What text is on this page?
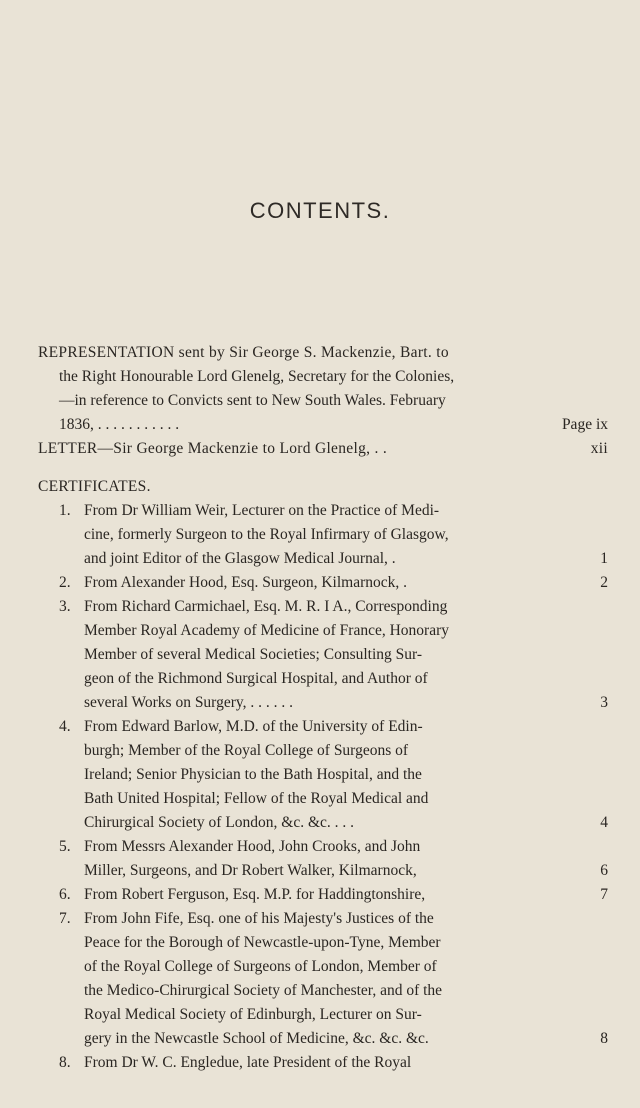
CONTENTS.
REPRESENTATION sent by Sir George S. Mackenzie, Bart. to
the Right Honourable Lord Glenelg, Secretary for the Colonies,
—in reference to Convicts sent to New South Wales. February
1836, . . . . . . . . . . .	Page ix
LETTER—Sir George Mackenzie to Lord Glenelg, . .	xii
CERTIFICATES.
1. From Dr William Weir, Lecturer on the Practice of Medi-
cine, formerly Surgeon to the Royal Infirmary of Glasgow,
and joint Editor of the Glasgow Medical Journal, .	1
2. From Alexander Hood, Esq. Surgeon, Kilmarnock, .	2
3. From Richard Carmichael, Esq. M. R. I A., Corresponding
Member Royal Academy of Medicine of France, Honorary
Member of several Medical Societies; Consulting Sur-
geon of the Richmond Surgical Hospital, and Author of
several Works on Surgery, . . . . . .	3
4. From Edward Barlow, M.D. of the University of Edin-
burgh; Member of the Royal College of Surgeons of
Ireland; Senior Physician to the Bath Hospital, and the
Bath United Hospital; Fellow of the Royal Medical and
Chirurgical Society of London, &c. &c. . . .	4
5. From Messrs Alexander Hood, John Crooks, and John
Miller, Surgeons, and Dr Robert Walker, Kilmarnock,	6
6. From Robert Ferguson, Esq. M.P. for Haddingtonshire,	7
7. From John Fife, Esq. one of his Majesty's Justices of the
Peace for the Borough of Newcastle-upon-Tyne, Member
of the Royal College of Surgeons of London, Member of
the Medico-Chirurgical Society of Manchester, and of the
Royal Medical Society of Edinburgh, Lecturer on Sur-
gery in the Newcastle School of Medicine, &c. &c. &c.	8
8. From Dr W. C. Engledue, late President of the Royal
